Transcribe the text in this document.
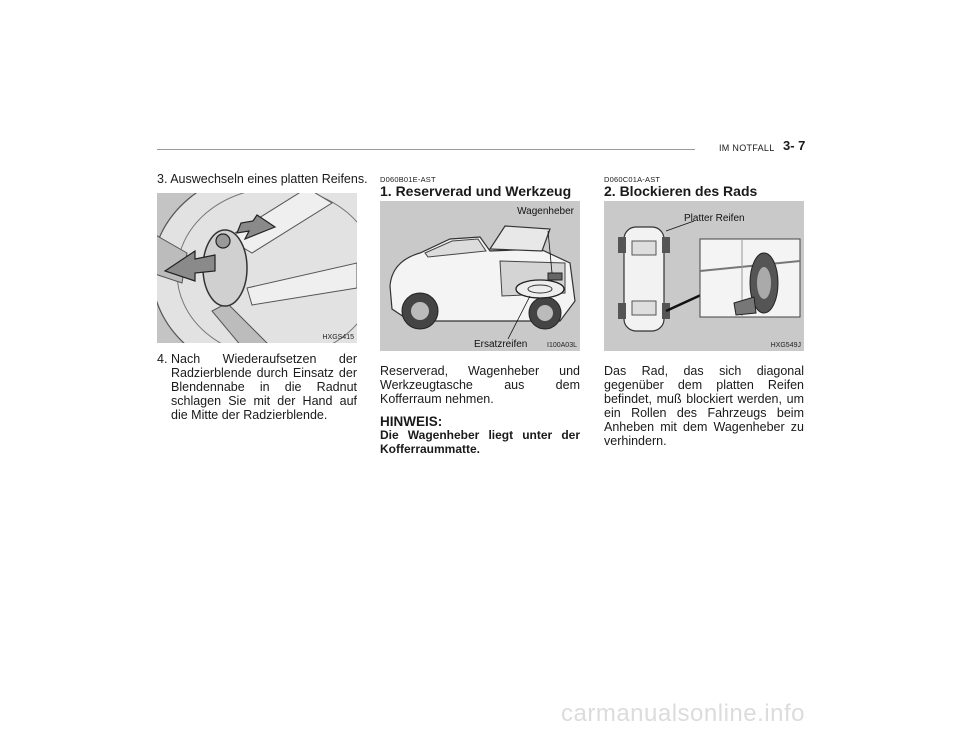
IM NOTFALL 3- 7
3. Auswechseln eines platten Reifens.
HXGS415
4. Nach Wiederaufsetzen der
Radzierblende durch Einsatz der Blendennabe in die Radnut schlagen Sie mit der Hand auf die Mitte der Radzierblende.
D060B01E-AST
1. Reserverad und Werkzeug
Wagenheber
Ersatzreifen	I100A03L
Reserverad, Wagenheber und Werkzeugtasche aus dem Kofferraum nehmen.
HINWEIS:
Die Wagenheber liegt unter der Kofferraummatte.
D060C01A-AST
2. Blockieren des Rads
Platter Reifen
HXG549J
Das Rad, das sich diagonal gegenüber dem platten Reifen befindet, muß blockiert werden, um ein Rollen des Fahrzeugs beim Anheben mit dem Wagenheber zu verhindern.
carmanualsonline.info
